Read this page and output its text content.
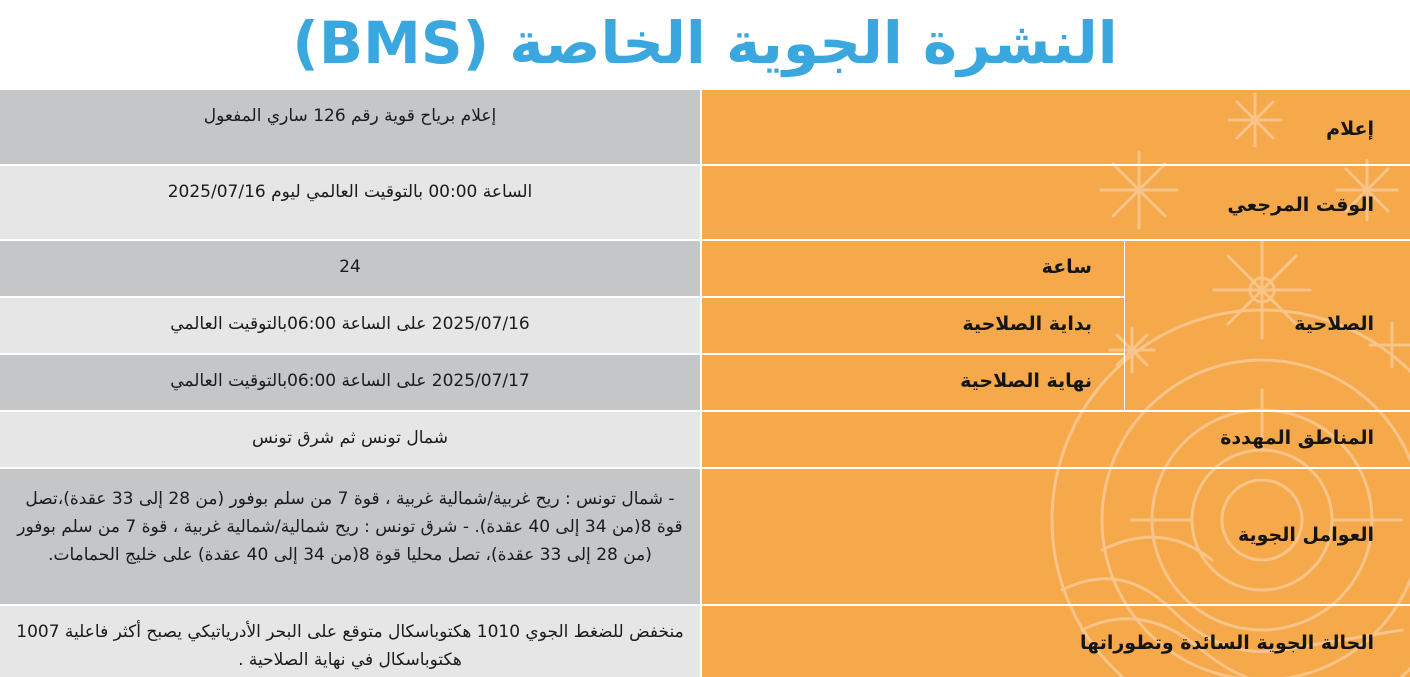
النشرة الجوية الخاصة (BMS)
إعلام برياح قوية رقم 126 ساري المفعول
الساعة 00:00 بالتوقيت العالمي ليوم 2025/07/16
24
2025/07/16 على الساعة 06:00بالتوقيت العالمي
2025/07/17 على الساعة 06:00بالتوقيت العالمي
شمال تونس ثم شرق تونس
- شمال تونس : ريح غربية/شمالية غربية ، قوة 7 من سلم بوفور (من 28 إلى 33 عقدة)،تصل قوة 8(من 34 إلى 40 عقدة). - شرق تونس : ريح شمالية/شمالية غربية ، قوة 7 من سلم بوفور (من 28 إلى 33 عقدة)، تصل محليا قوة 8(من 34 إلى 40 عقدة) على خليج الحمامات.
منخفض للضغط الجوي 1010 هكتوباسكال متوقع على البحر الأدرياتيكي يصبح أكثر فاعلية 1007 هكتوباسكال في نهاية الصلاحية .
إعلام
الوقت المرجعي
الصلاحية
ساعة
بداية الصلاحية
نهاية الصلاحية
المناطق المهددة
العوامل الجوية
الحالة الجوية السائدة وتطوراتها
